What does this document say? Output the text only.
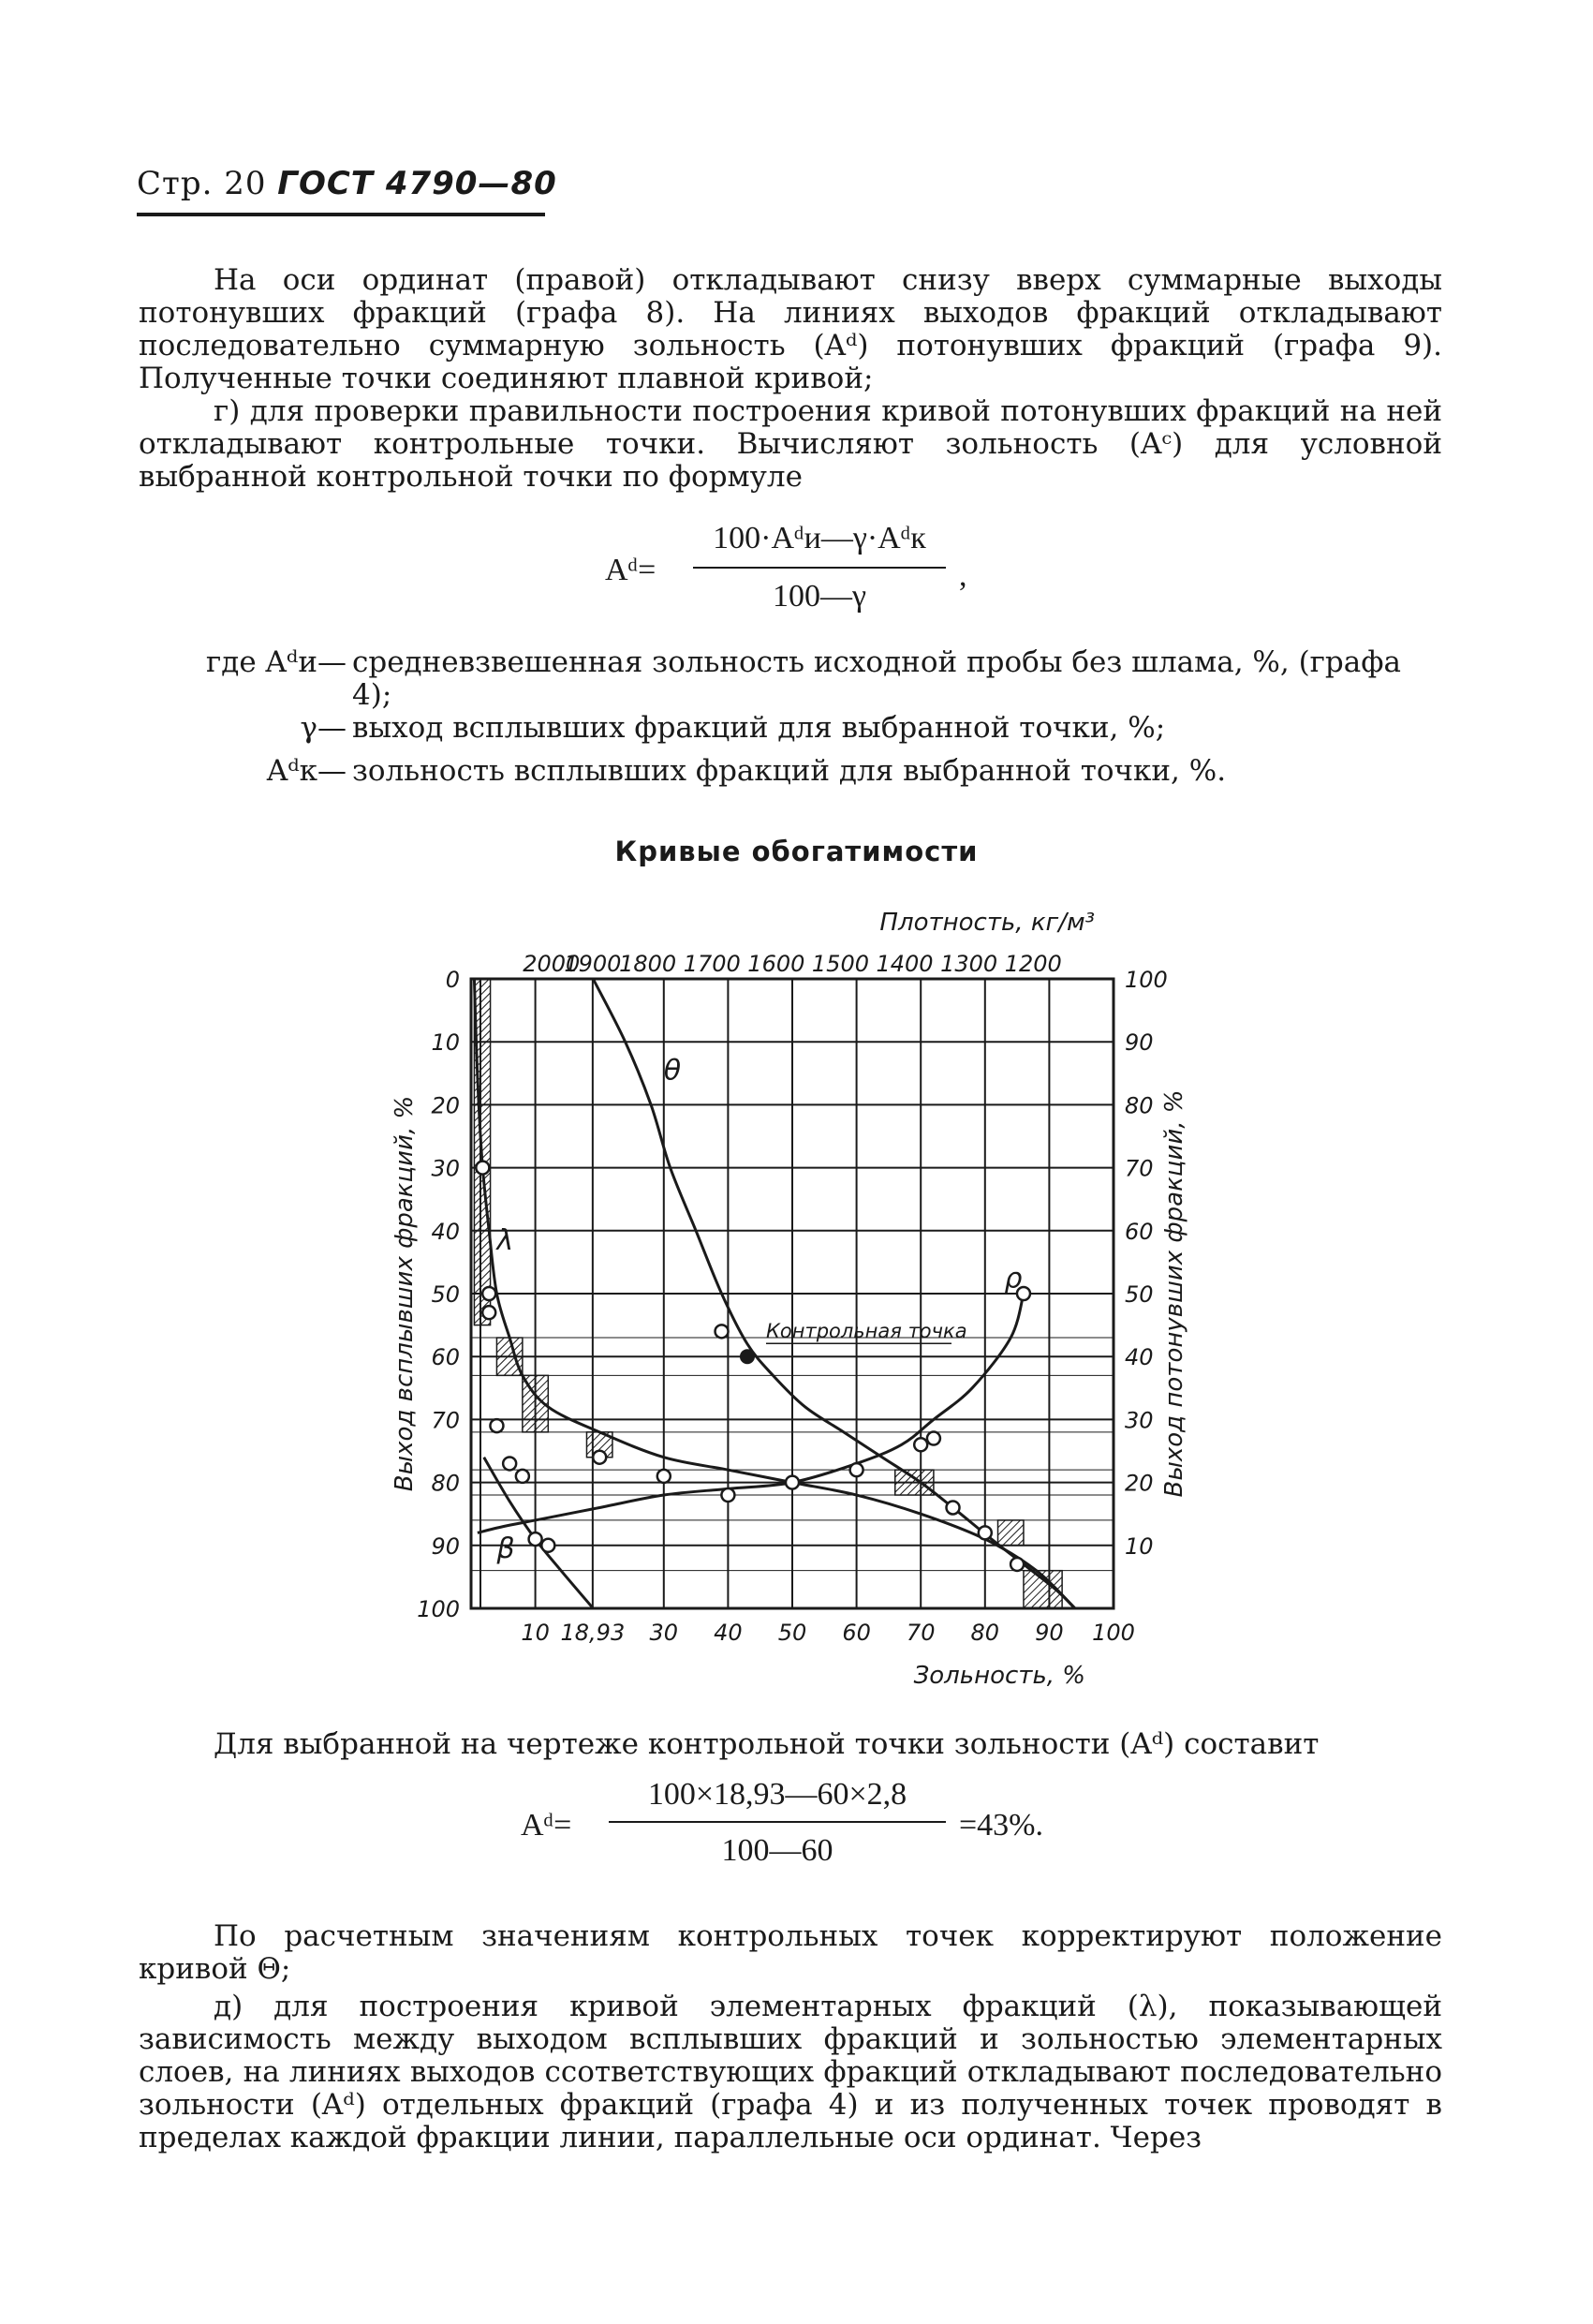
Стр. 20 ГОСТ 4790—80

На оси ординат (правой) откладывают снизу вверх суммарные выходы потонувших фракций (графа 8). На линиях выходов фракций откладывают последовательно суммарную зольность (Aᵈ) потонувших фракций (графа 9). Полученные точки соединяют плавной кривой;

г) для проверки правильности построения кривой потонувших фракций на ней откладывают контрольные точки. Вычисляют зольность (Aᶜ) для условной выбранной контрольной точки по формуле

Aᵈ=
100·Aᵈи—γ·Aᵈк
100—γ
,
где Aᵈи— средневзвешенная зольность исходной пробы без шлама, %, (графа 4);
γ— выход всплывших фракций для выбранной точки, %;
Aᵈк— зольность всплывших фракций для выбранной точки, %.
Кривые обогатимости
0
10
20
30
40
50
60
70
80
90
100
100
90
80
70
60
50
40
30
20
10
10 18,93 30 40 50 60 70 80 90 100
2000
1900
1800 1700 1600 1500 1400 1300 1200
Плотность, кг/м³
Зольность, %
Выход всплывших фракций, %	Выход потонувших фракций, %
Контрольная точка
θ
λ
β
ρ

Для выбранной на чертеже контрольной точки зольности (Aᵈ) составит

Aᵈ=
100×18,93—60×2,8
100—60
=43%.

По расчетным значениям контрольных точек корректируют положение кривой Θ;

д) для построения кривой элементарных фракций (λ), показывающей зависимость между выходом всплывших фракций и зольностью элементарных слоев, на линиях выходов ссответствующих фракций откладывают последовательно зольности (Aᵈ) отдельных фракций (графа 4) и из полученных точек проводят в пределах каждой фракции линии, параллельные оси ординат. Через
